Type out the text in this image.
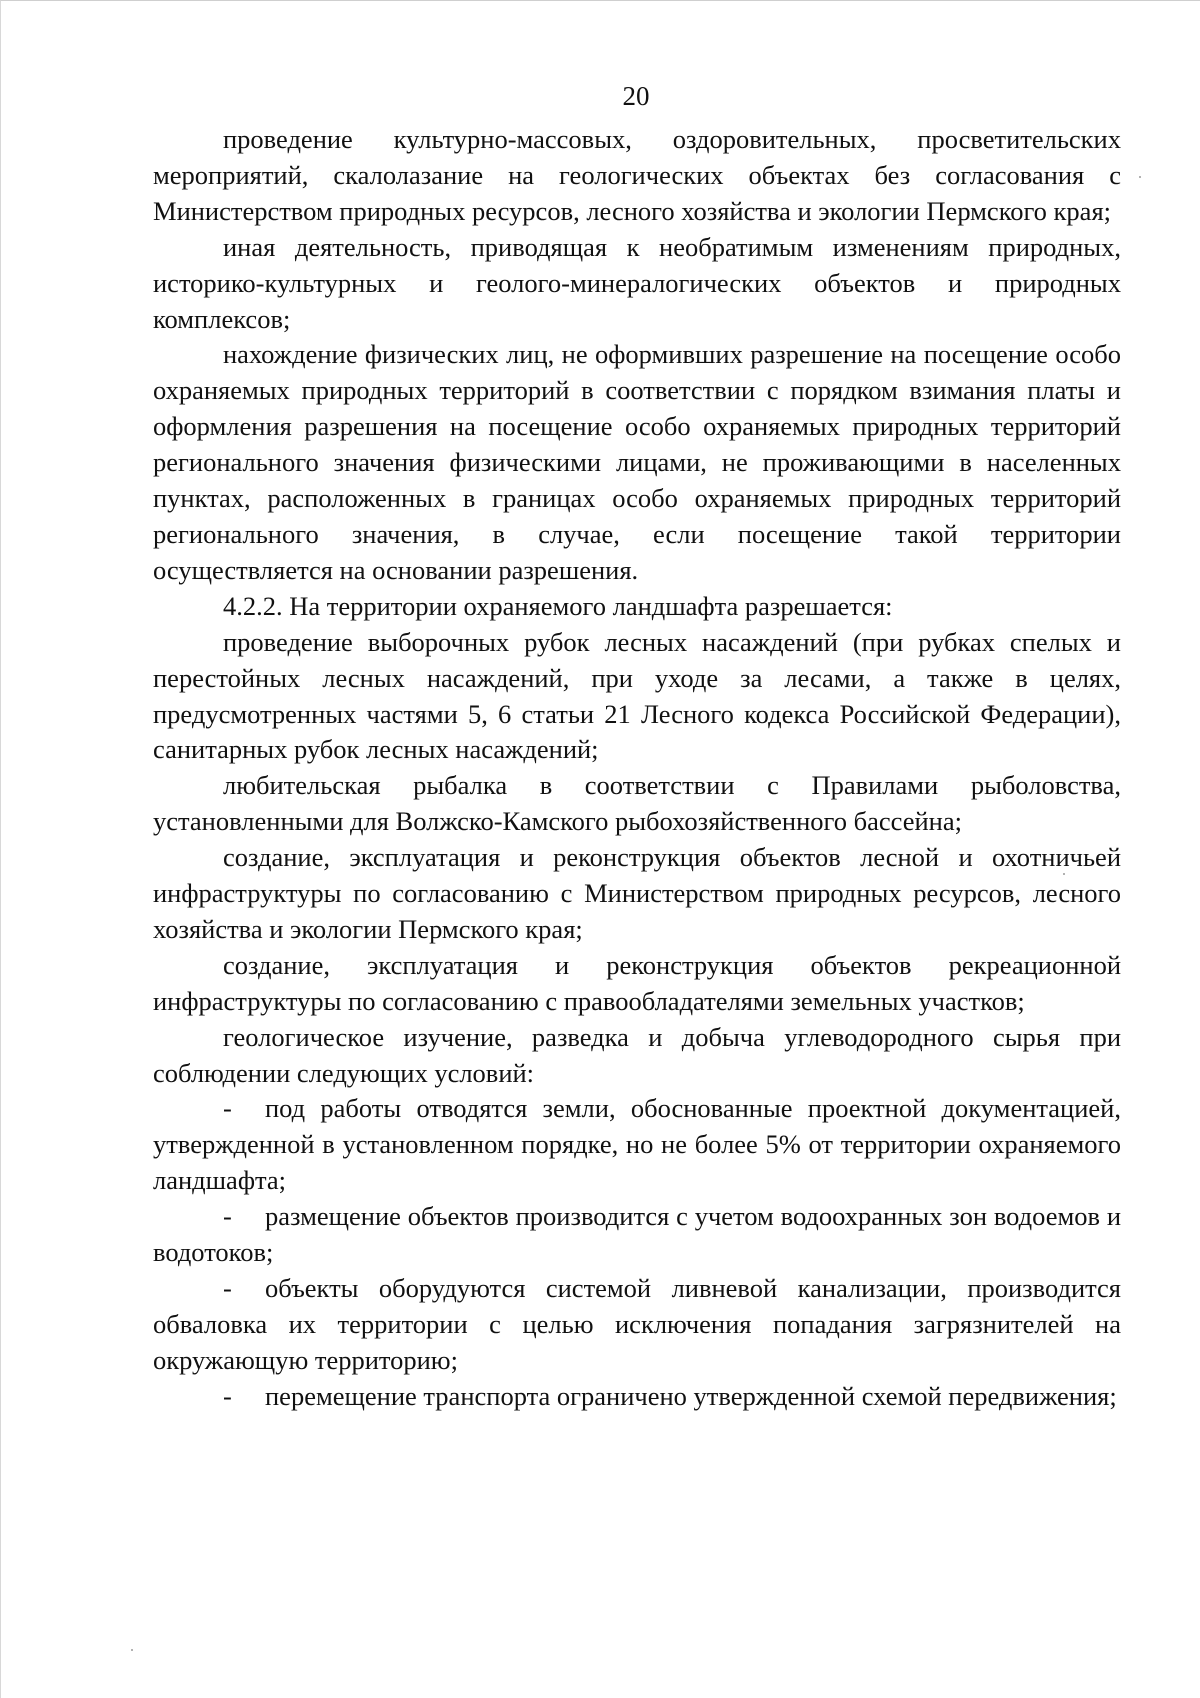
20

проведение культурно-массовых, оздоровительных, просветительских мероприятий, скалолазание на геологических объектах без согласования с Министерством природных ресурсов, лесного хозяйства и экологии Пермского края;

иная деятельность, приводящая к необратимым изменениям природных, историко-культурных и геолого-минералогических объектов и природных комплексов;

нахождение физических лиц, не оформивших разрешение на посещение особо охраняемых природных территорий в соответствии с порядком взимания платы и оформления разрешения на посещение особо охраняемых природных территорий регионального значения физическими лицами, не проживающими в населенных пунктах, расположенных в границах особо охраняемых природных территорий регионального значения, в случае, если посещение такой территории осуществляется на основании разрешения.

4.2.2. На территории охраняемого ландшафта разрешается:

проведение выборочных рубок лесных насаждений (при рубках спелых и перестойных лесных насаждений, при уходе за лесами, а также в целях, предусмотренных частями 5, 6 статьи 21 Лесного кодекса Российской Федерации), санитарных рубок лесных насаждений;

любительская рыбалка в соответствии с Правилами рыболовства, установленными для Волжско-Камского рыбохозяйственного бассейна;

создание, эксплуатация и реконструкция объектов лесной и охотничьей инфраструктуры по согласованию с Министерством природных ресурсов, лесного хозяйства и экологии Пермского края;

создание, эксплуатация и реконструкция объектов рекреационной инфраструктуры по согласованию с правообладателями земельных участков;

геологическое изучение, разведка и добыча углеводородного сырья при соблюдении следующих условий:

- под работы отводятся земли, обоснованные проектной документацией, утвержденной в установленном порядке, но не более 5% от территории охраняемого ландшафта;

- размещение объектов производится с учетом водоохранных зон водоемов и водотоков;

- объекты оборудуются системой ливневой канализации, производится обваловка их территории с целью исключения попадания загрязнителей на окружающую территорию;

- перемещение транспорта ограничено утвержденной схемой передвижения;
